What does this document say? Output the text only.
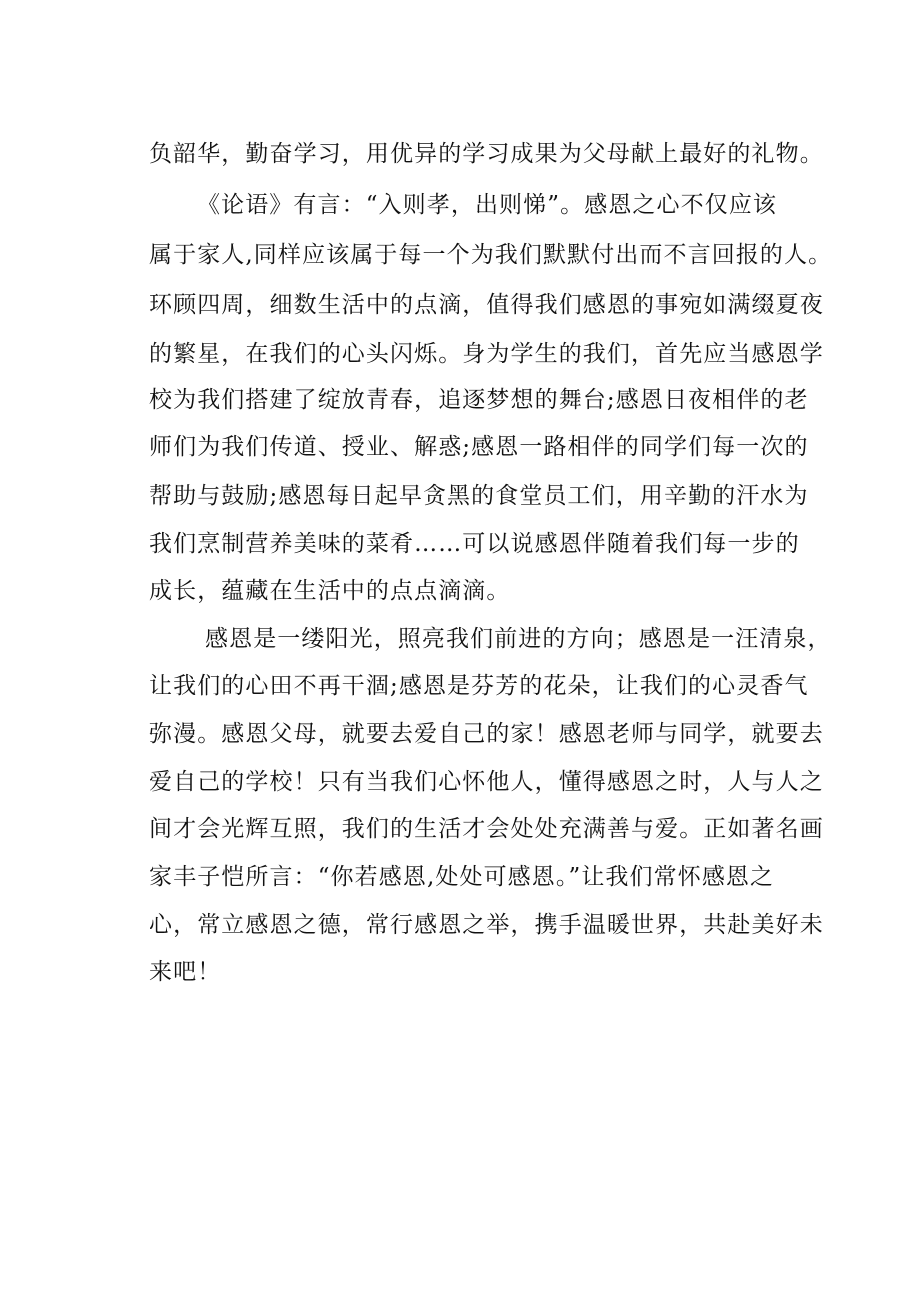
负韶华，勤奋学习，用优异的学习成果为父母献上最好的礼物。
《论语》有言：“入则孝，出则悌”。感恩之心不仅应该
属于家人,同样应该属于每一个为我们默默付出而不言回报的人。
环顾四周，细数生活中的点滴，值得我们感恩的事宛如满缀夏夜
的繁星，在我们的心头闪烁。身为学生的我们，首先应当感恩学
校为我们搭建了绽放青春，追逐梦想的舞台;感恩日夜相伴的老
师们为我们传道、授业、解惑;感恩一路相伴的同学们每一次的
帮助与鼓励;感恩每日起早贪黑的食堂员工们，用辛勤的汗水为
我们烹制营养美味的菜肴……可以说感恩伴随着我们每一步的
成长，蕴藏在生活中的点点滴滴。
感恩是一缕阳光，照亮我们前进的方向；感恩是一汪清泉，
让我们的心田不再干涸;感恩是芬芳的花朵，让我们的心灵香气
弥漫。感恩父母，就要去爱自己的家！感恩老师与同学，就要去
爱自己的学校！只有当我们心怀他人，懂得感恩之时，人与人之
间才会光辉互照，我们的生活才会处处充满善与爱。正如著名画
家丰子恺所言：“你若感恩,处处可感恩。”让我们常怀感恩之
心，常立感恩之德，常行感恩之举，携手温暖世界，共赴美好未
来吧！
